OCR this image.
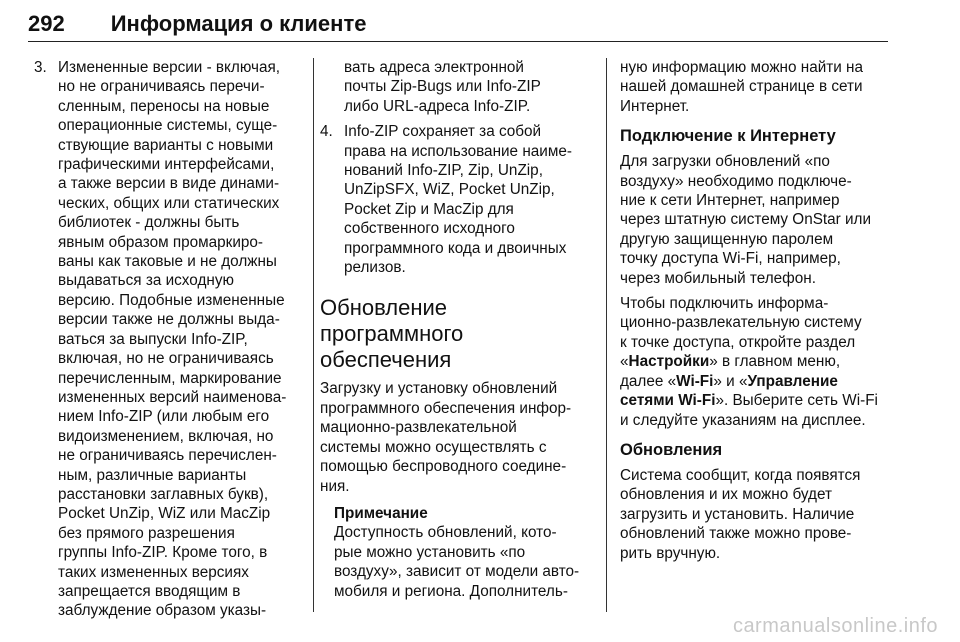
292 Информация о клиенте
3. Измененные версии - включая,
но не ограничиваясь перечи-
сленным, переносы на новые
операционные системы, суще-
ствующие варианты с новыми
графическими интерфейсами,
а также версии в виде динами-
ческих, общих или статических
библиотек - должны быть
явным образом промаркиро-
ваны как таковые и не должны
выдаваться за исходную
версию. Подобные измененные
версии также не должны выда-
ваться за выпуски Info-ZIP,
включая, но не ограничиваясь
перечисленным, маркирование
измененных версий наименова-
нием Info-ZIP (или любым его
видоизменением, включая, но
не ограничиваясь перечислен-
ным, различные варианты
расстановки заглавных букв),
Pocket UnZip, WiZ или MacZip
без прямого разрешения
группы Info-ZIP. Кроме того, в
таких измененных версиях
запрещается вводящим в
заблуждение образом указы-
вать адреса электронной
почты Zip-Bugs или Info-ZIP
либо URL-адреса Info-ZIP.
4. Info-ZIP сохраняет за собой
права на использование наиме-
нований Info-ZIP, Zip, UnZip,
UnZipSFX, WiZ, Pocket UnZip,
Pocket Zip и MacZip для
собственного исходного
программного кода и двоичных
релизов.
Обновление
программного
обеспечения
Загрузку и установку обновлений
программного обеспечения инфор-
мационно-развлекательной
системы можно осуществлять с
помощью беспроводного соедине-
ния.
Примечание
Доступность обновлений, кото-
рые можно установить «по
воздуху», зависит от модели авто-
мобиля и региона. Дополнитель-
ную информацию можно найти на
нашей домашней странице в сети
Интернет.
Подключение к Интернету
Для загрузки обновлений «по
воздуху» необходимо подключе-
ние к сети Интернет, например
через штатную систему OnStar или
другую защищенную паролем
точку доступа Wi-Fi, например,
через мобильный телефон.
Чтобы подключить информа-
ционно-развлекательную систему
к точке доступа, откройте раздел
«Настройки» в главном меню,
далее «Wi-Fi» и «Управление
сетями Wi-Fi». Выберите сеть Wi-Fi
и следуйте указаниям на дисплее.
Обновления
Система сообщит, когда появятся
обновления и их можно будет
загрузить и установить. Наличие
обновлений также можно прове-
рить вручную.
carmanualsonline.info
